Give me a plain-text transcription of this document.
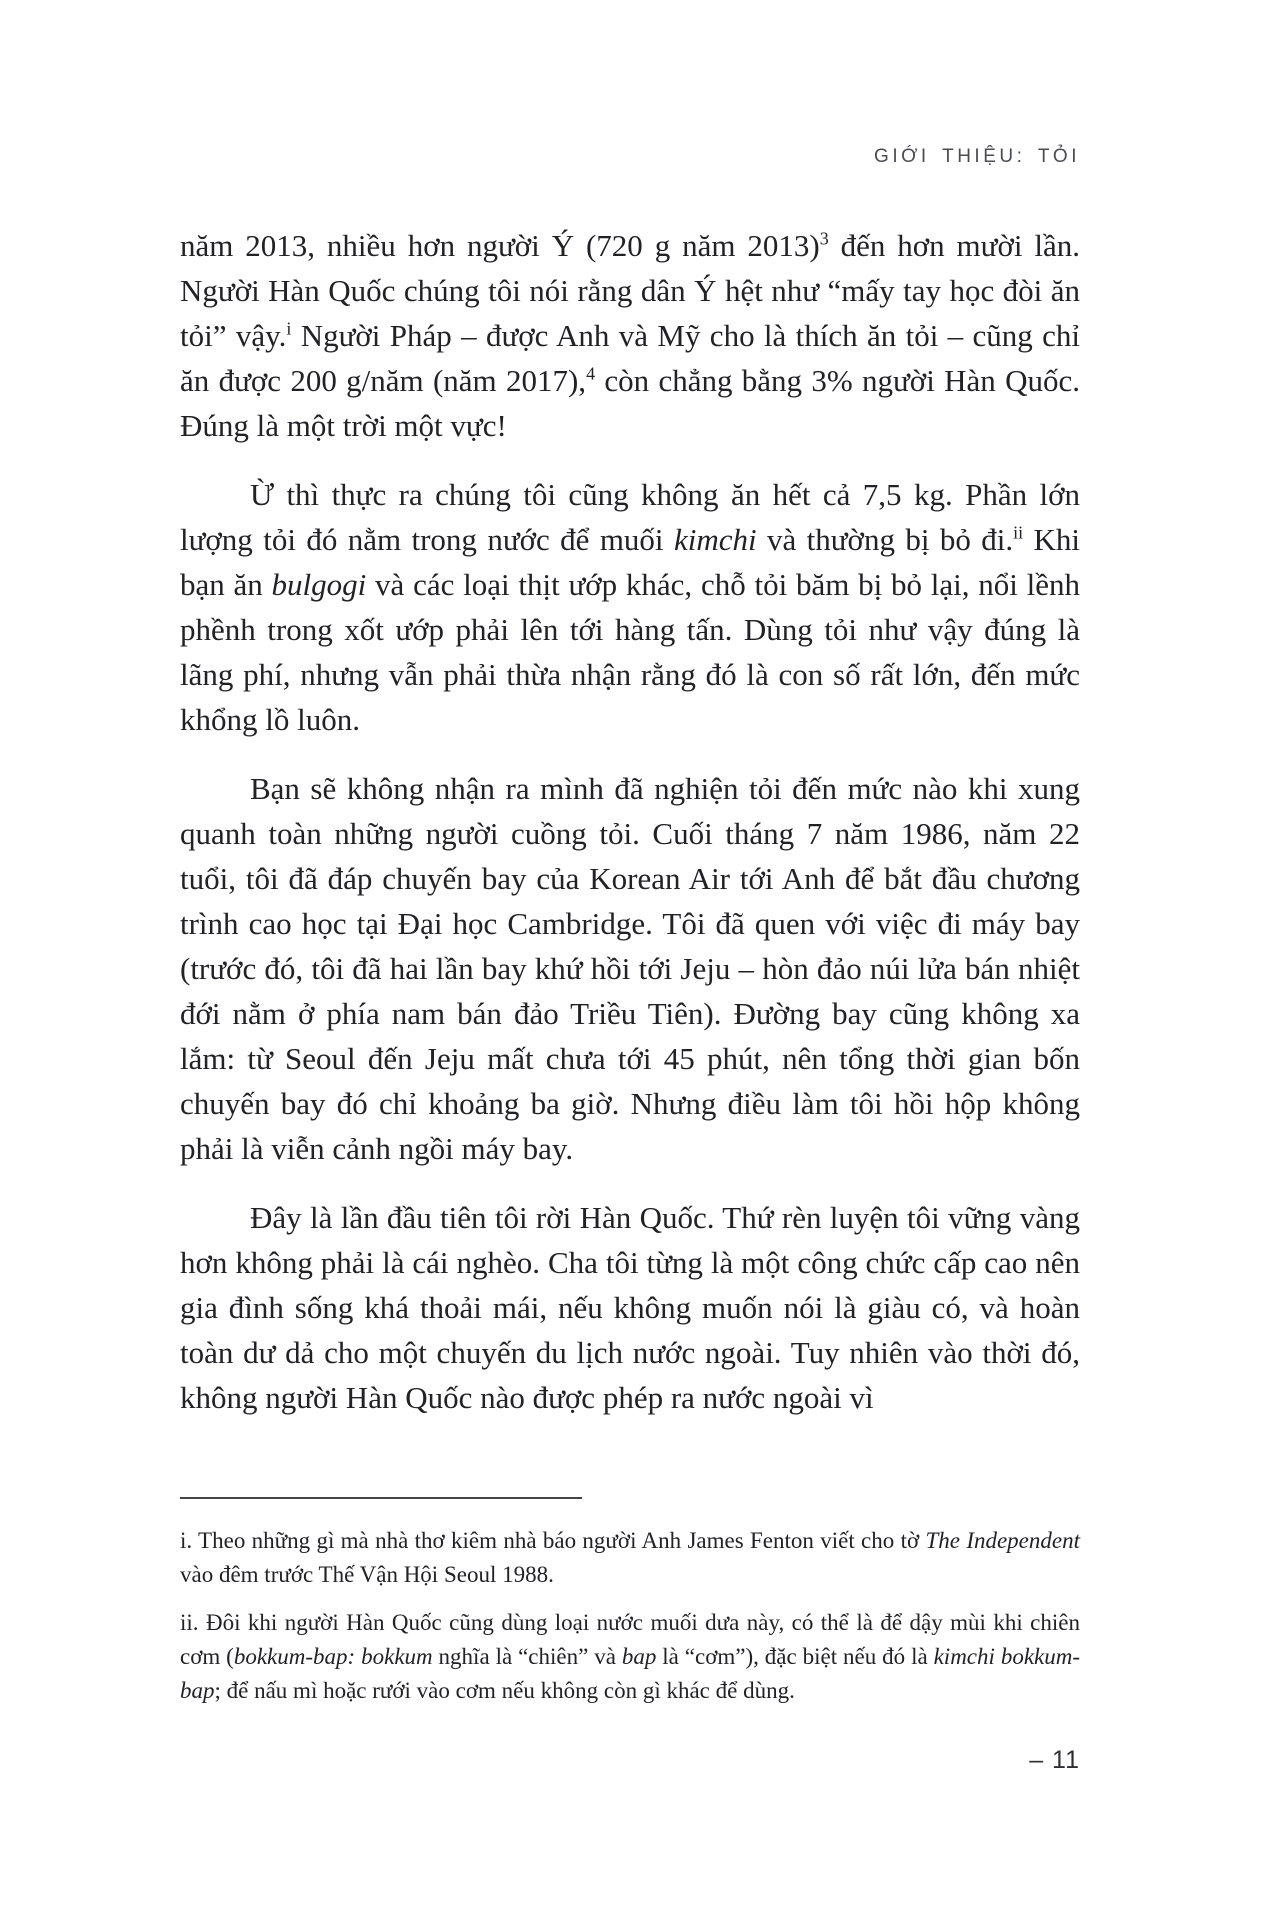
GIỚI THIỆU: TỎI

năm 2013, nhiều hơn người Ý (720 g năm 2013)$^3$ đến hơn mười lần. Người Hàn Quốc chúng tôi nói rằng dân Ý hệt như “mấy tay học đòi ăn tỏi” vậy.$^i$ Người Pháp – được Anh và Mỹ cho là thích ăn tỏi – cũng chỉ ăn được 200 g/năm (năm 2017),$^4$ còn chẳng bằng 3% người Hàn Quốc. Đúng là một trời một vực!

Ừ thì thực ra chúng tôi cũng không ăn hết cả 7,5 kg. Phần lớn lượng tỏi đó nằm trong nước để muối kimchi và thường bị bỏ đi.$^{ii}$ Khi bạn ăn bulgogi và các loại thịt ướp khác, chỗ tỏi băm bị bỏ lại, nổi lềnh phềnh trong xốt ướp phải lên tới hàng tấn. Dùng tỏi như vậy đúng là lãng phí, nhưng vẫn phải thừa nhận rằng đó là con số rất lớn, đến mức khổng lồ luôn.

Bạn sẽ không nhận ra mình đã nghiện tỏi đến mức nào khi xung quanh toàn những người cuồng tỏi. Cuối tháng 7 năm 1986, năm 22 tuổi, tôi đã đáp chuyến bay của Korean Air tới Anh để bắt đầu chương trình cao học tại Đại học Cambridge. Tôi đã quen với việc đi máy bay (trước đó, tôi đã hai lần bay khứ hồi tới Jeju – hòn đảo núi lửa bán nhiệt đới nằm ở phía nam bán đảo Triều Tiên). Đường bay cũng không xa lắm: từ Seoul đến Jeju mất chưa tới 45 phút, nên tổng thời gian bốn chuyến bay đó chỉ khoảng ba giờ. Nhưng điều làm tôi hồi hộp không phải là viễn cảnh ngồi máy bay.

Đây là lần đầu tiên tôi rời Hàn Quốc. Thứ rèn luyện tôi vững vàng hơn không phải là cái nghèo. Cha tôi từng là một công chức cấp cao nên gia đình sống khá thoải mái, nếu không muốn nói là giàu có, và hoàn toàn dư dả cho một chuyến du lịch nước ngoài. Tuy nhiên vào thời đó, không người Hàn Quốc nào được phép ra nước ngoài vì

i. Theo những gì mà nhà thơ kiêm nhà báo người Anh James Fenton viết cho tờ The Independent vào đêm trước Thế Vận Hội Seoul 1988.

ii. Đôi khi người Hàn Quốc cũng dùng loại nước muối dưa này, có thể là để dậy mùi khi chiên cơm (bokkum-bap: bokkum nghĩa là “chiên” và bap là “cơm”), đặc biệt nếu đó là kimchi bokkum-bap; để nấu mì hoặc rưới vào cơm nếu không còn gì khác để dùng.

– 11
